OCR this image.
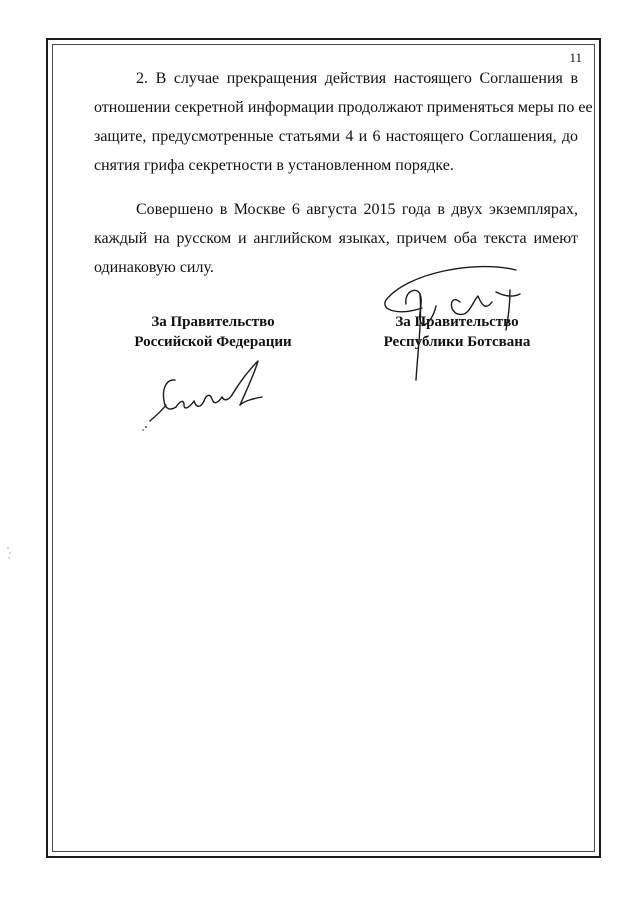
11
2. В случае прекращения действия настоящего Соглашения в
отношении секретной информации продолжают применяться меры по ее
защите, предусмотренные статьями 4 и 6 настоящего Соглашения, до
снятия грифа секретности в установленном порядке.
Совершено в Москве 6 августа 2015 года в двух экземплярах,
каждый на русском и английском языках, причем оба текста имеют
одинаковую силу.
За Правительство
Российской Федерации
За Правительство
Республики Ботсвана
